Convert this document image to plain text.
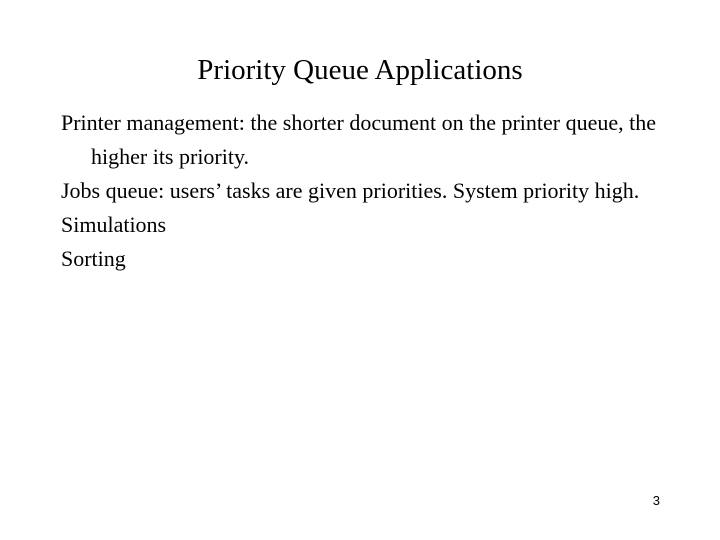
Priority Queue Applications
Printer management: the shorter document on the printer queue, the higher its priority.
Jobs queue: users’ tasks are given priorities. System priority high.
Simulations
Sorting
3
